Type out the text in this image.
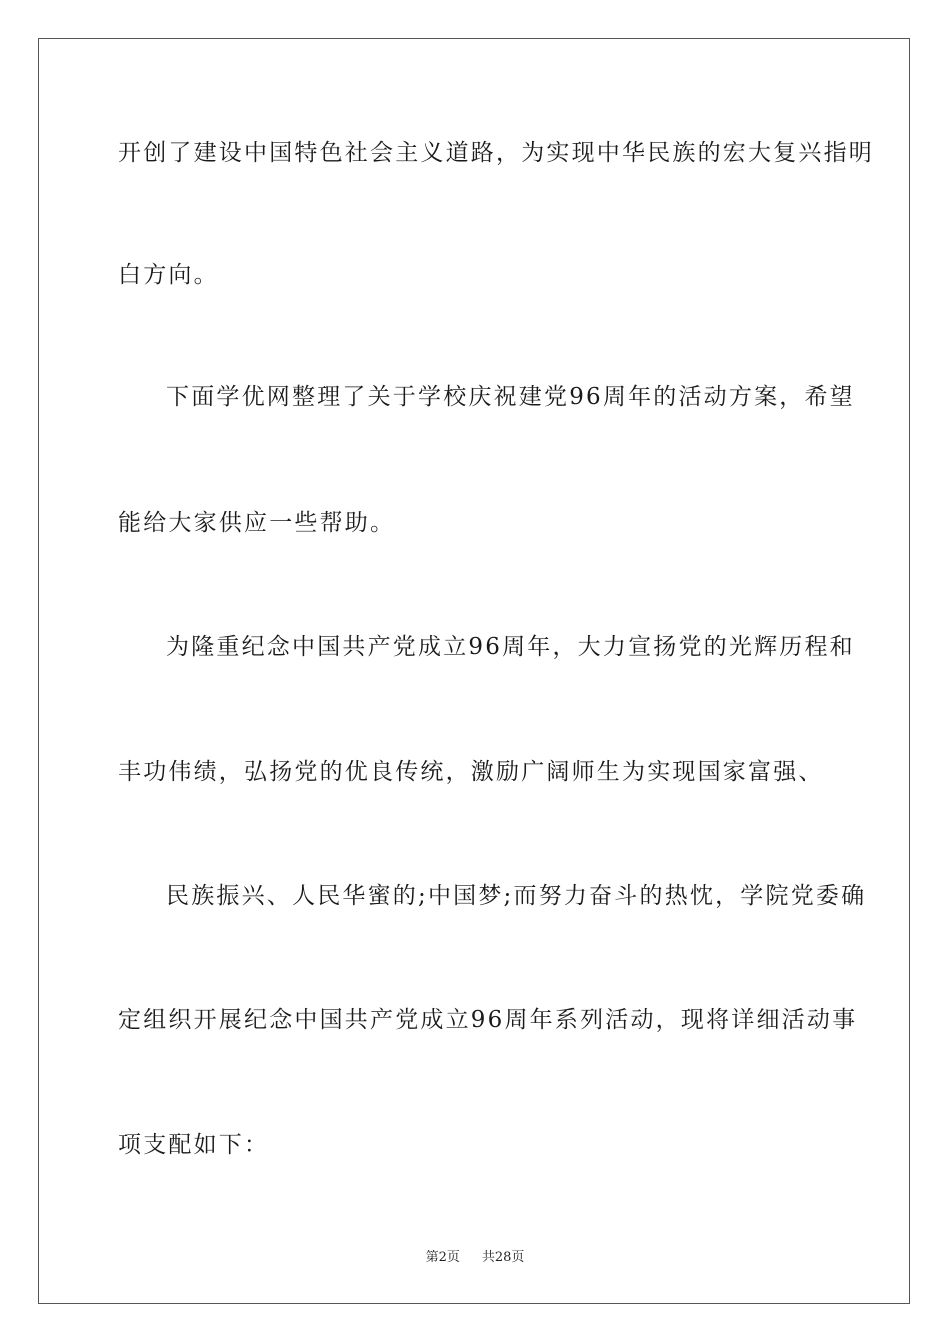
开创了建设中国特色社会主义道路，为实现中华民族的宏大复兴指明
白方向。
下面学优网整理了关于学校庆祝建党96周年的活动方案，希望
能给大家供应一些帮助。
为隆重纪念中国共产党成立96周年，大力宣扬党的光辉历程和
丰功伟绩，弘扬党的优良传统，激励广阔师生为实现国家富强、
民族振兴、人民华蜜的;中国梦;而努力奋斗的热忱，学院党委确
定组织开展纪念中国共产党成立96周年系列活动，现将详细活动事
项支配如下：
第2页 共28页
